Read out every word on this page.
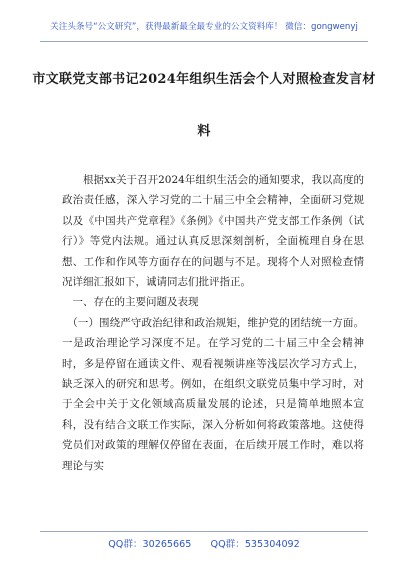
关注头条号“公文研究”，获得最新最全最专业的公文资料库！ 微信：gongwenyj
市文联党支部书记2024年组织生活会个人对照检查发言材
料

根据xx关于召开2024年组织生活会的通知要求，我以高度的政治责任感，深入学习党的二十届三中全会精神，全面研习党规以及《中国共产党章程》《条例》《中国共产党支部工作条例（试行）》等党内法规。通过认真反思深刻剖析，全面梳理自身在思想、工作和作风等方面存在的问题与不足。现将个人对照检查情况详细汇报如下，诚请同志们批评指正。

一、存在的主要问题及表现

（一）围绕严守政治纪律和政治规矩，维护党的团结统一方面。一是政治理论学习深度不足。在学习党的二十届三中全会精神时，多是停留在通读文件、观看视频讲座等浅层次学习方式上，缺乏深入的研究和思考。例如，在组织文联党员集中学习时，对于全会中关于文化领域高质量发展的论述，只是简单地照本宣科，没有结合文联工作实际，深入分析如何将政策落地。这使得党员们对政策的理解仅停留在表面，在后续开展工作时，难以将理论与实

QQ群：30265665　　QQ群：535304092
